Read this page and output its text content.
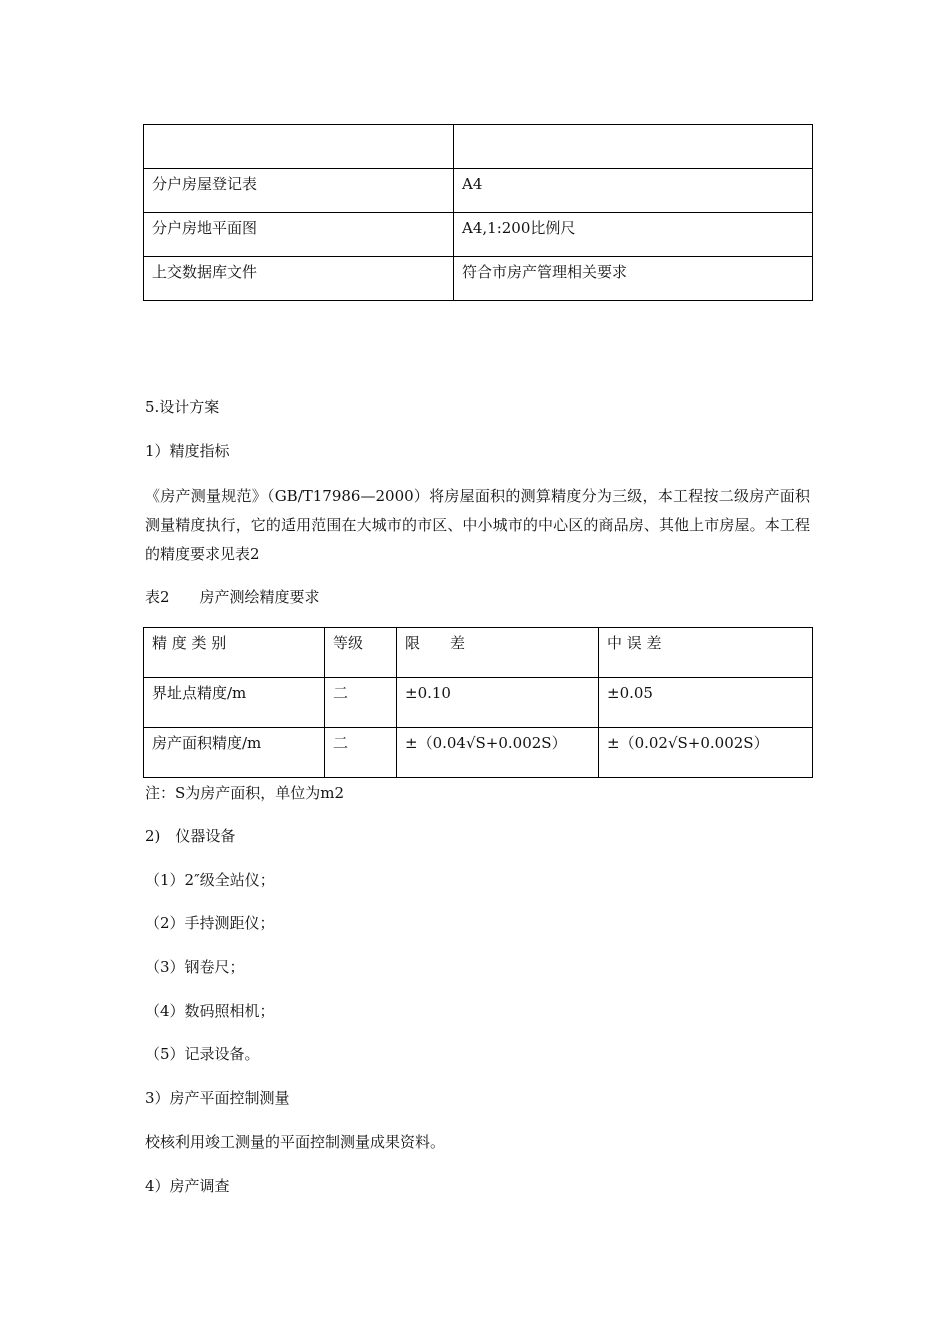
分户房屋登记表	A4
分户房地平面图	A4,1:200比例尺
上交数据库文件	符合市房产管理相关要求
5.设计方案
1）精度指标
《房产测量规范》（GB/T17986—2000）将房屋面积的测算精度分为三级，本工程按二级房产面积测量精度执行，它的适用范围在大城市的市区、中小城市的中心区的商品房、其他上市房屋。本工程的精度要求见表2
表2　　房产测绘精度要求
精 度 类 别	等级	限　　差	中 误 差
界址点精度/m	二	±0.10	±0.05
房产面积精度/m	二	±（0.04√S+0.002S）	±（0.02√S+0.002S）
注：S为房产面积，单位为m2
2)　仪器设备
（1）2″级全站仪；
（2）手持测距仪；
（3）钢卷尺；
（4）数码照相机；
（5）记录设备。
3）房产平面控制测量
校核利用竣工测量的平面控制测量成果资料。
4）房产调查
